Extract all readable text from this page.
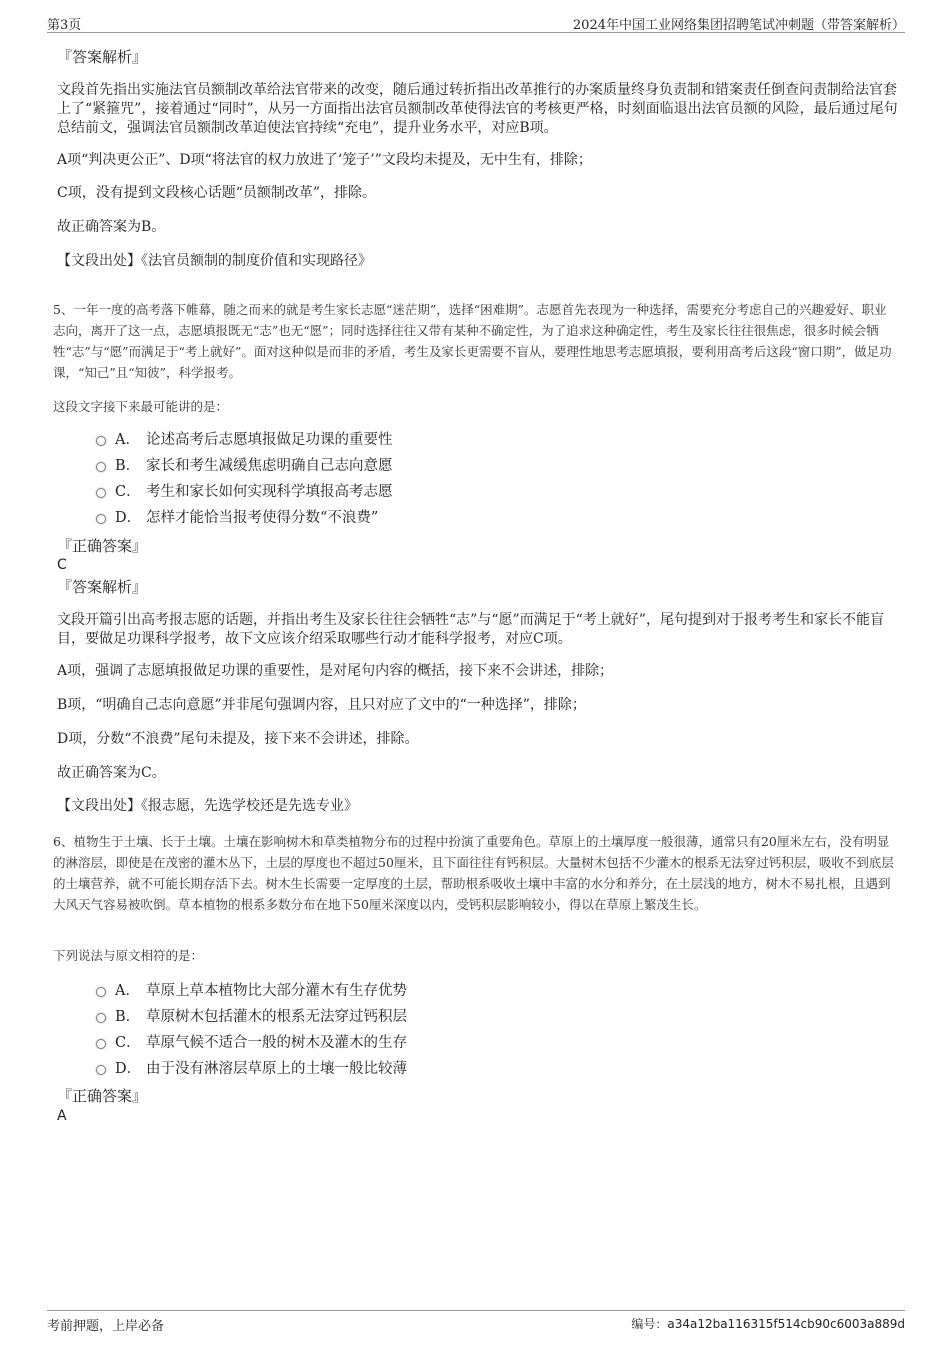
第3页	2024年中国工业网络集团招聘笔试冲刺题（带答案解析）
『答案解析』
文段首先指出实施法官员额制改革给法官带来的改变，随后通过转折指出改革推行的办案质量终身负责制和错案责任倒查问责制给法官套上了“紧箍咒”，接着通过“同时”，从另一方面指出法官员额制改革使得法官的考核更严格，时刻面临退出法官员额的风险，最后通过尾句总结前文，强调法官员额制改革迫使法官持续“充电”，提升业务水平，对应B项。
A项“判决更公正”、D项“将法官的权力放进了‘笼子’”文段均未提及，无中生有，排除；
C项，没有提到文段核心话题“员额制改革”，排除。
故正确答案为B。
【文段出处】《法官员额制的制度价值和实现路径》
5、一年一度的高考落下帷幕，随之而来的就是考生家长志愿“迷茫期”，选择“困难期”。志愿首先表现为一种选择，需要充分考虑自己的兴趣爱好、职业志向，离开了这一点，志愿填报既无“志”也无“愿”；同时选择往往又带有某种不确定性，为了追求这种确定性，考生及家长往往很焦虑，很多时候会牺牲“志”与“愿”而满足于“考上就好”。面对这种似是而非的矛盾，考生及家长更需要不盲从，要理性地思考志愿填报，要利用高考后这段“窗口期”，做足功课，“知己”且“知彼”，科学报考。
这段文字接下来最可能讲的是：
A． 论述高考后志愿填报做足功课的重要性
B． 家长和考生减缓焦虑明确自己志向意愿
C． 考生和家长如何实现科学填报高考志愿
D． 怎样才能恰当报考使得分数“不浪费”
『正确答案』
C
『答案解析』
文段开篇引出高考报志愿的话题，并指出考生及家长往往会牺牲“志”与“愿”而满足于“考上就好”，尾句提到对于报考考生和家长不能盲目，要做足功课科学报考，故下文应该介绍采取哪些行动才能科学报考，对应C项。
A项，强调了志愿填报做足功课的重要性，是对尾句内容的概括，接下来不会讲述，排除；
B项，“明确自己志向意愿”并非尾句强调内容，且只对应了文中的“一种选择”，排除；
D项，分数“不浪费”尾句未提及，接下来不会讲述，排除。
故正确答案为C。
【文段出处】《报志愿，先选学校还是先选专业》
6、植物生于土壤、长于土壤。土壤在影响树木和草类植物分布的过程中扮演了重要角色。草原上的土壤厚度一般很薄，通常只有20厘米左右，没有明显的淋溶层，即使是在茂密的灌木丛下，土层的厚度也不超过50厘米，且下面往往有钙积层。大量树木包括不少灌木的根系无法穿过钙积层，吸收不到底层的土壤营养，就不可能长期存活下去。树木生长需要一定厚度的土层，帮助根系吸收土壤中丰富的水分和养分，在土层浅的地方，树木不易扎根，且遇到大风天气容易被吹倒。草本植物的根系多数分布在地下50厘米深度以内，受钙积层影响较小，得以在草原上繁茂生长。
下列说法与原文相符的是：
A． 草原上草本植物比大部分灌木有生存优势
B． 草原树木包括灌木的根系无法穿过钙积层
C． 草原气候不适合一般的树木及灌木的生存
D． 由于没有淋溶层草原上的土壤一般比较薄
『正确答案』
A
考前押题，上岸必备	编号：a34a12ba116315f514cb90c6003a889d
